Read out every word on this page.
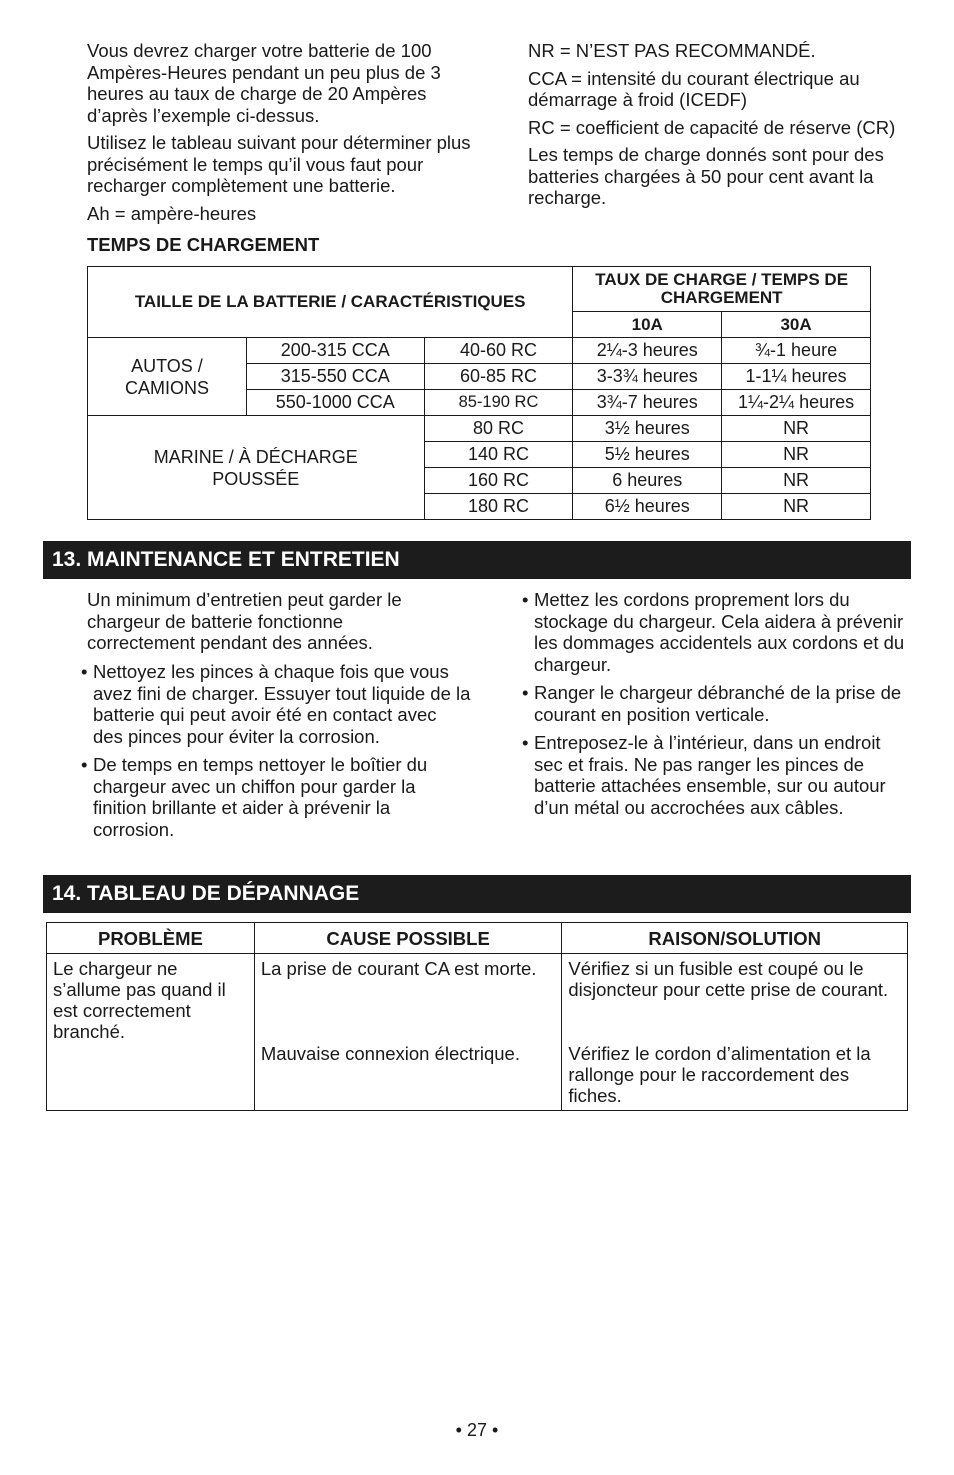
Vous devrez charger votre batterie de 100 Ampères-Heures pendant un peu plus de 3 heures au taux de charge de 20 Ampères d’après l’exemple ci-dessus.

Utilisez le tableau suivant pour déterminer plus précisément le temps qu’il vous faut pour recharger complètement une batterie.

Ah = ampère-heures

NR = N’EST PAS RECOMMANDÉ.

CCA = intensité du courant électrique au démarrage à froid (ICEDF)

RC = coefficient de capacité de réserve (CR)

Les temps de charge donnés sont pour des batteries chargées à 50 pour cent avant la recharge.

TEMPS DE CHARGEMENT
TAILLE DE LA BATTERIE / CARACTÉRISTIQUES			TAUX DE CHARGE / TEMPS DE CHARGEMENT	
			10A	30A
AUTOS / CAMIONS	200-315 CCA	40-60 RC	2¼-3 heures	¾-1 heure
	315-550 CCA	60-85 RC	3-3¾ heures	1-1¼ heures
	550-1000 CCA	85-190 RC	3¾-7 heures	1¼-2¼ heures
MARINE / À DÉCHARGE POUSSÉE		80 RC	3½ heures	NR
		140 RC	5½ heures	NR
		160 RC	6 heures	NR
		180 RC	6½ heures	NR
13. MAINTENANCE ET ENTRETIEN
Un minimum d’entretien peut garder le chargeur de batterie fonctionne correctement pendant des années.
• Nettoyez les pinces à chaque fois que vous avez fini de charger. Essuyer tout liquide de la batterie qui peut avoir été en contact avec des pinces pour éviter la corrosion.
• De temps en temps nettoyer le boîtier du chargeur avec un chiffon pour garder la finition brillante et aider à prévenir la corrosion.
• Mettez les cordons proprement lors du stockage du chargeur. Cela aidera à prévenir les dommages accidentels aux cordons et du chargeur.
• Ranger le chargeur débranché de la prise de courant en position verticale.
• Entreposez-le à l’intérieur, dans un endroit sec et frais. Ne pas ranger les pinces de batterie attachées ensemble, sur ou autour d’un métal ou accrochées aux câbles.
14. TABLEAU DE DÉPANNAGE
PROBLÈME	CAUSE POSSIBLE	RAISON/SOLUTION
Le chargeur ne s’allume pas quand il est correctement branché.	La prise de courant CA est morte.	Vérifiez si un fusible est coupé ou le disjoncteur pour cette prise de courant.
	Mauvaise connexion électrique.	Vérifiez le cordon d’alimentation et la rallonge pour le raccordement des fiches.
• 27 •
